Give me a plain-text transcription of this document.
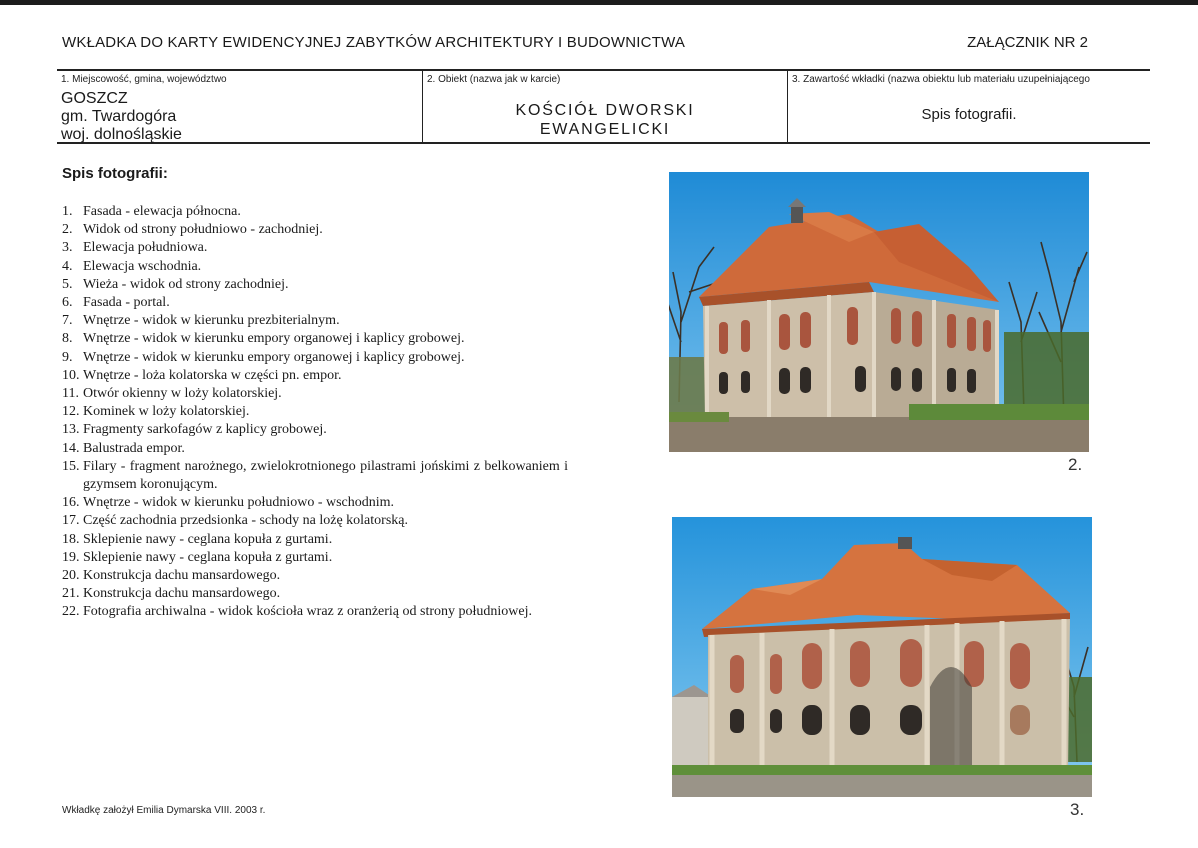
WKŁADKA DO KARTY EWIDENCYJNEJ ZABYTKÓW ARCHITEKTURY I BUDOWNICTWA	ZAŁĄCZNIK NR 2
1. Miejscowość, gmina, województwo
GOSZCZ
gm. Twardogóra
woj. dolnośląskie
2. Obiekt (nazwa jak w karcie)
KOŚCIÓŁ DWORSKI
EWANGELICKI
3. Zawartość wkładki (nazwa obiektu lub materiału uzupełniającego
Spis fotografii.
Spis fotografii:
1. Fasada - elewacja północna.
2. Widok od strony południowo - zachodniej.
3. Elewacja południowa.
4. Elewacja wschodnia.
5. Wieża - widok od strony zachodniej.
6. Fasada - portal.
7. Wnętrze - widok w kierunku prezbiterialnym.
8. Wnętrze - widok w kierunku empory organowej i kaplicy grobowej.
9. Wnętrze - widok w kierunku empory organowej i kaplicy grobowej.
10. Wnętrze - loża kolatorska w części pn. empor.
11. Otwór okienny w loży kolatorskiej.
12. Kominek w loży kolatorskiej.
13. Fragmenty sarkofagów z kaplicy grobowej.
14. Balustrada empor.
15. Filary - fragment narożnego, zwielokrotnionego pilastrami jońskimi z belkowaniem i gzymsem koronującym.
16. Wnętrze - widok w kierunku południowo - wschodnim.
17. Część zachodnia przedsionka - schody na lożę kolatorską.
18. Sklepienie nawy - ceglana kopuła z gurtami.
19. Sklepienie nawy - ceglana kopuła z gurtami.
20. Konstrukcja dachu mansardowego.
21. Konstrukcja dachu mansardowego.
22. Fotografia archiwalna - widok kościoła wraz z oranżerią od strony południowej.
2.
3.
Wkładkę założył Emilia Dymarska VIII. 2003 r.
